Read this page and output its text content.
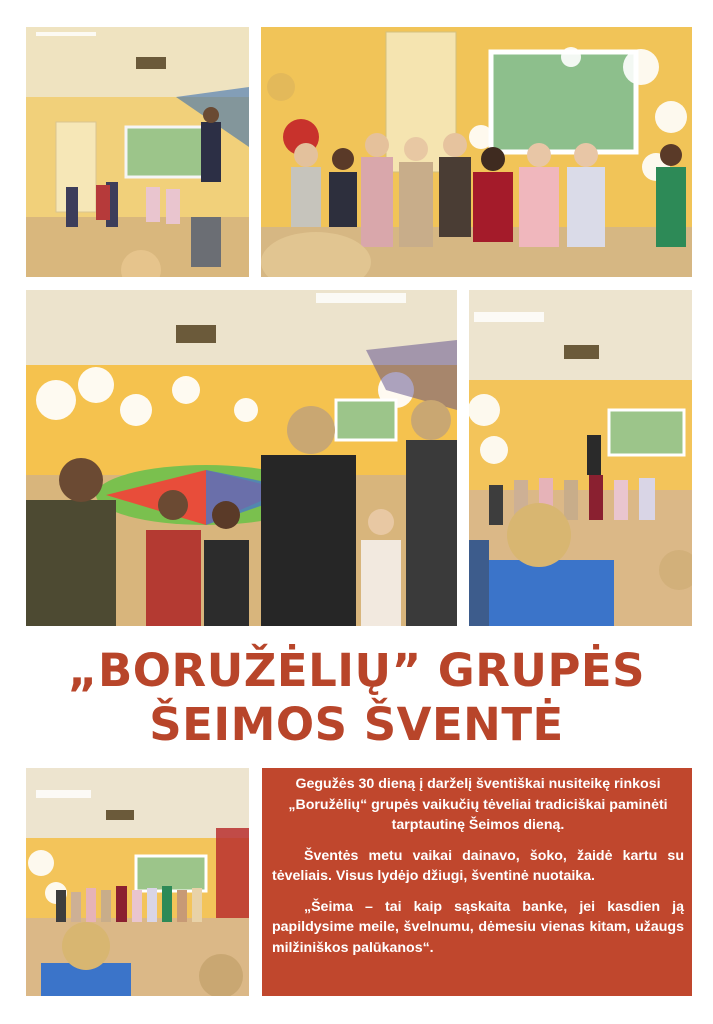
„BORUŽĖLIŲ” GRUPĖS
ŠEIMOS ŠVENTĖ

Gegužės 30 dieną į darželį šventiškai nusiteikę rinkosi „Boružėlių“ grupės vaikučių tėveliai tradiciškai paminėti tarptautinę Šeimos dieną.

Šventės metu vaikai dainavo, šoko, žaidė kartu su tėveliais. Visus lydėjo džiugi, šventinė nuotaika.

„Šeima – tai kaip sąskaita banke, jei kasdien ją papildysime meile, švelnumu, dėmesiu vienas kitam, užaugs milžiniškos palūkanos“.
